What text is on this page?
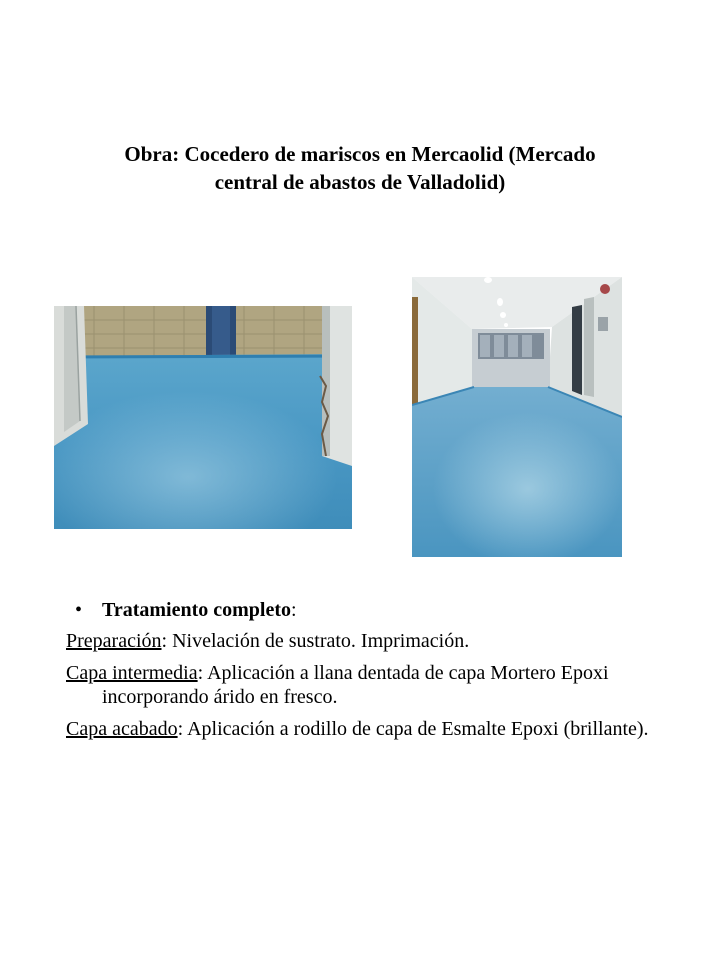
Obra: Cocedero de mariscos en Mercaolid (Mercado
central de abastos de Valladolid)
• Tratamiento completo:
Preparación: Nivelación de sustrato. Imprimación.
Capa intermedia: Aplicación a llana dentada de capa Mortero Epoxi incorporando árido en fresco.
Capa acabado: Aplicación a rodillo de capa de Esmalte Epoxi (brillante).
